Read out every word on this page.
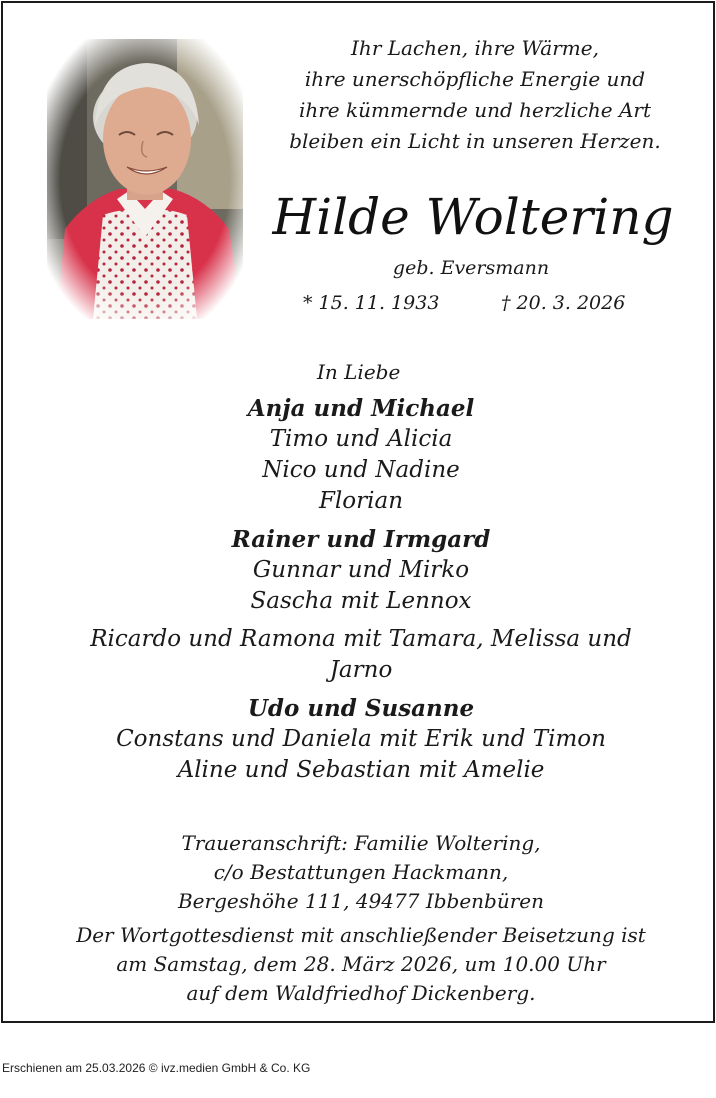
Ihr Lachen, ihre Wärme,
ihre unerschöpfliche Energie und
ihre kümmernde und herzliche Art
bleiben ein Licht in unseren Herzen.
Hilde Woltering
geb. Eversmann
* 15. 11. 1933	† 20. 3. 2026
In Liebe
Anja und Michael
Timo und Alicia
Nico und Nadine
Florian
Rainer und Irmgard
Gunnar und Mirko
Sascha mit Lennox
Ricardo und Ramona mit Tamara, Melissa und
Jarno
Udo und Susanne
Constans und Daniela mit Erik und Timon
Aline und Sebastian mit Amelie
Traueranschrift: Familie Woltering,
c/o Bestattungen Hackmann,
Bergeshöhe 111, 49477 Ibbenbüren
Der Wortgottesdienst mit anschließender Beisetzung ist
am Samstag, dem 28. März 2026, um 10.00 Uhr
auf dem Waldfriedhof Dickenberg.
Erschienen am 25.03.2026 © ivz.medien GmbH & Co. KG
